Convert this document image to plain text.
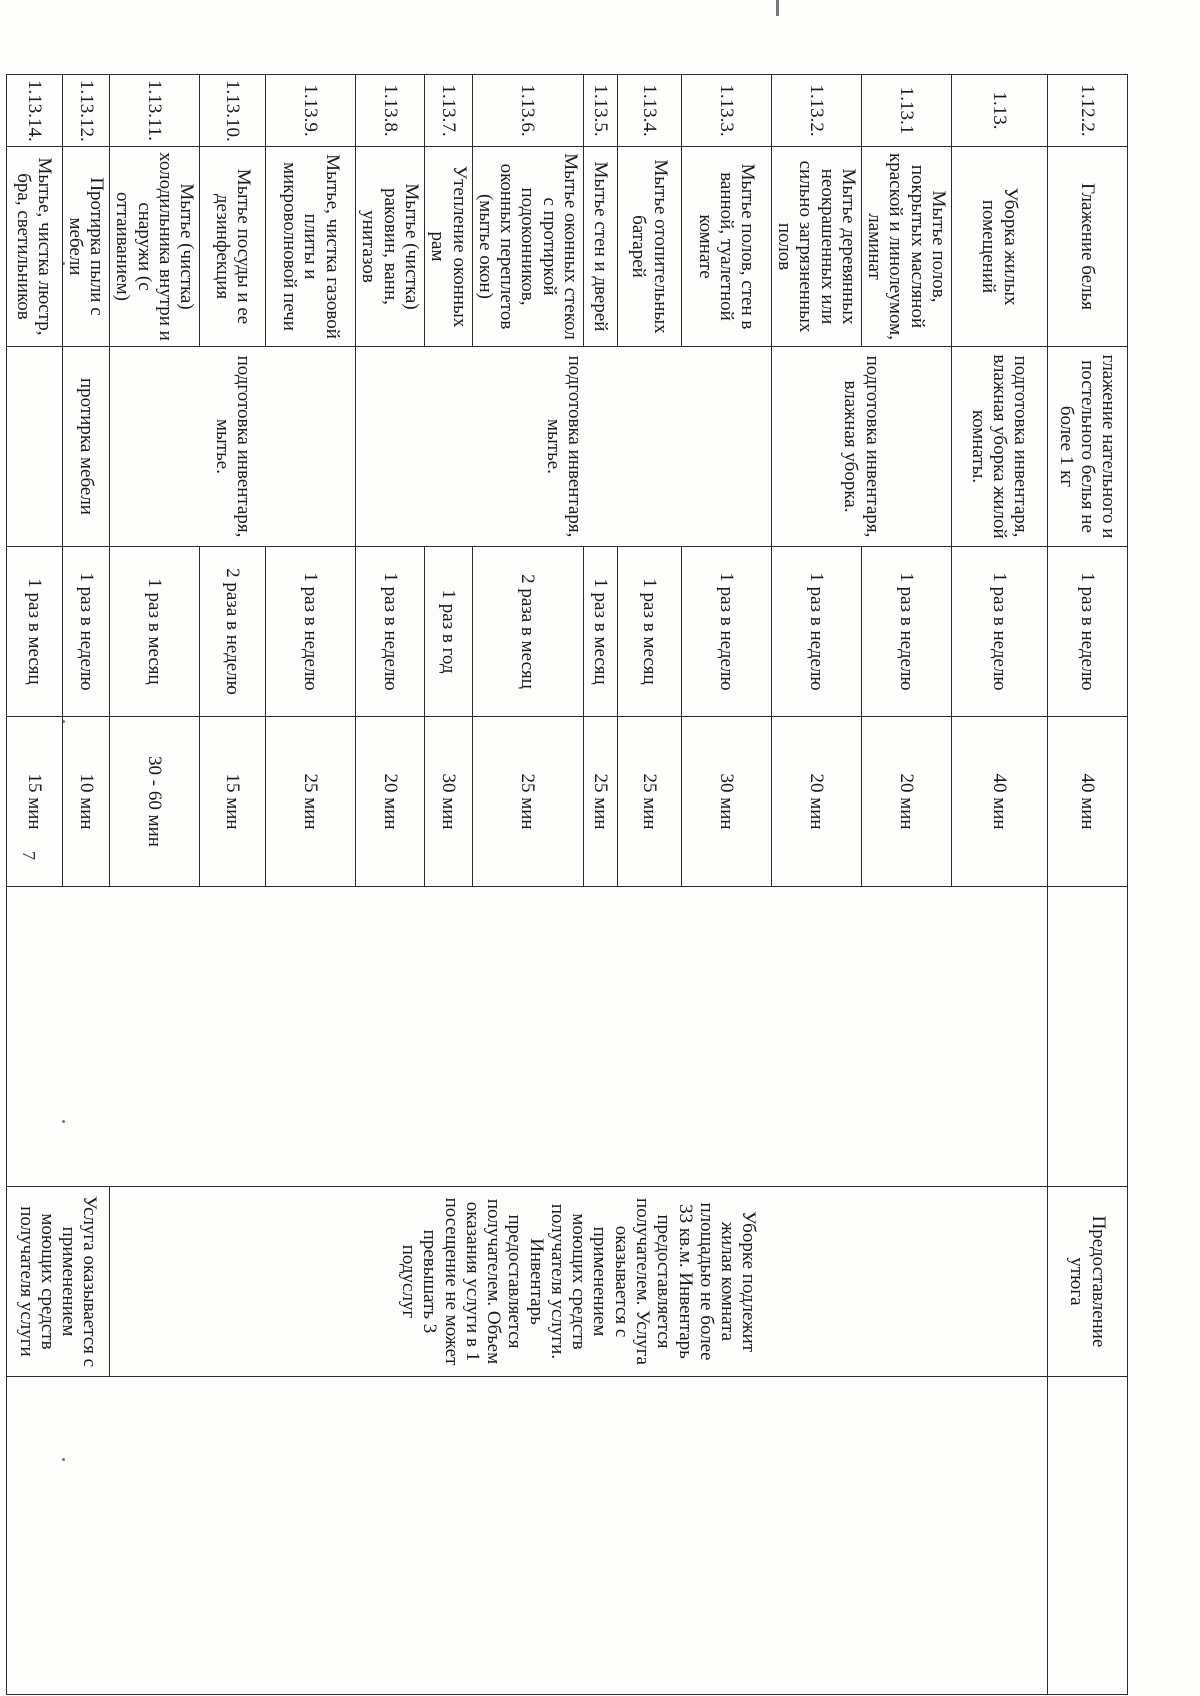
7
1.12.2.	Глажение белья	глажение нательного и постельного белья не более 1 кг	1 раз в неделю	40 мин		Предоставление утюга	
1.13.	Уборка жилых помещений	подготовка инвентаря, влажная уборка жилой комнаты.	1 раз в неделю	40 мин		Уборке подлежит жилая комната площадью не более 33 кв.м. Инвентарь предоставляется получателем. Услуга оказывается с применением моющих средств получателя услуги. Инвентарь предоставляется получателем. Объем оказания услуги в 1 посещение не может превышать 3 подуслуг	
1.13.1	Мытье полов, покрытых масляной краской и линолеумом, ламинат	подготовка инвентаря, влажная уборка.	1 раз в неделю	20 мин			
1.13.2.	Мытье деревянных неокрашенных или сильно загрязненных полов		1 раз в неделю	20 мин			
1.13.3.	Мытье полов, стен в ванной, туалетной комнате	подготовка инвентаря, мытье.	1 раз в неделю	30 мин			
1.13.4.	Мытье отопительных батарей		1 раз в месяц	25 мин			
1.13.5.	Мытье стен и дверей		1 раз в месяц	25 мин			
1.13.6.	Мытье оконных стекол с протиркой подоконников, оконных переплетов (мытье окон)		2 раза в месяц	25 мин			
1.13.7.	Утепление оконных рам		1 раз в год	30 мин			
1.13.8.	Мытье (чистка) раковин, ванн, унитазов		1 раз в неделю	20 мин			
1.13.9.	Мытье, чистка газовой плиты и микроволновой печи	подготовка инвентаря, мытье.	1 раз в неделю	25 мин			
1.13.10.	Мытье посуды и ее дезинфекция		2 раза в неделю	15 мин			
1.13.11.	Мытье (чистка) холодильника внутри и снаружи (с оттаиванием)		1 раз в месяц	30 - 60 мин			
1.13.12.	Протирка пыли с мебели	протирка мебели	1 раз в неделю	10 мин		Услуга оказывается с применением моющих средств получателя услуги	
1.13.14.	Мытье, чистка люстр, бра, светильников		1 раз в месяц	15 мин			
